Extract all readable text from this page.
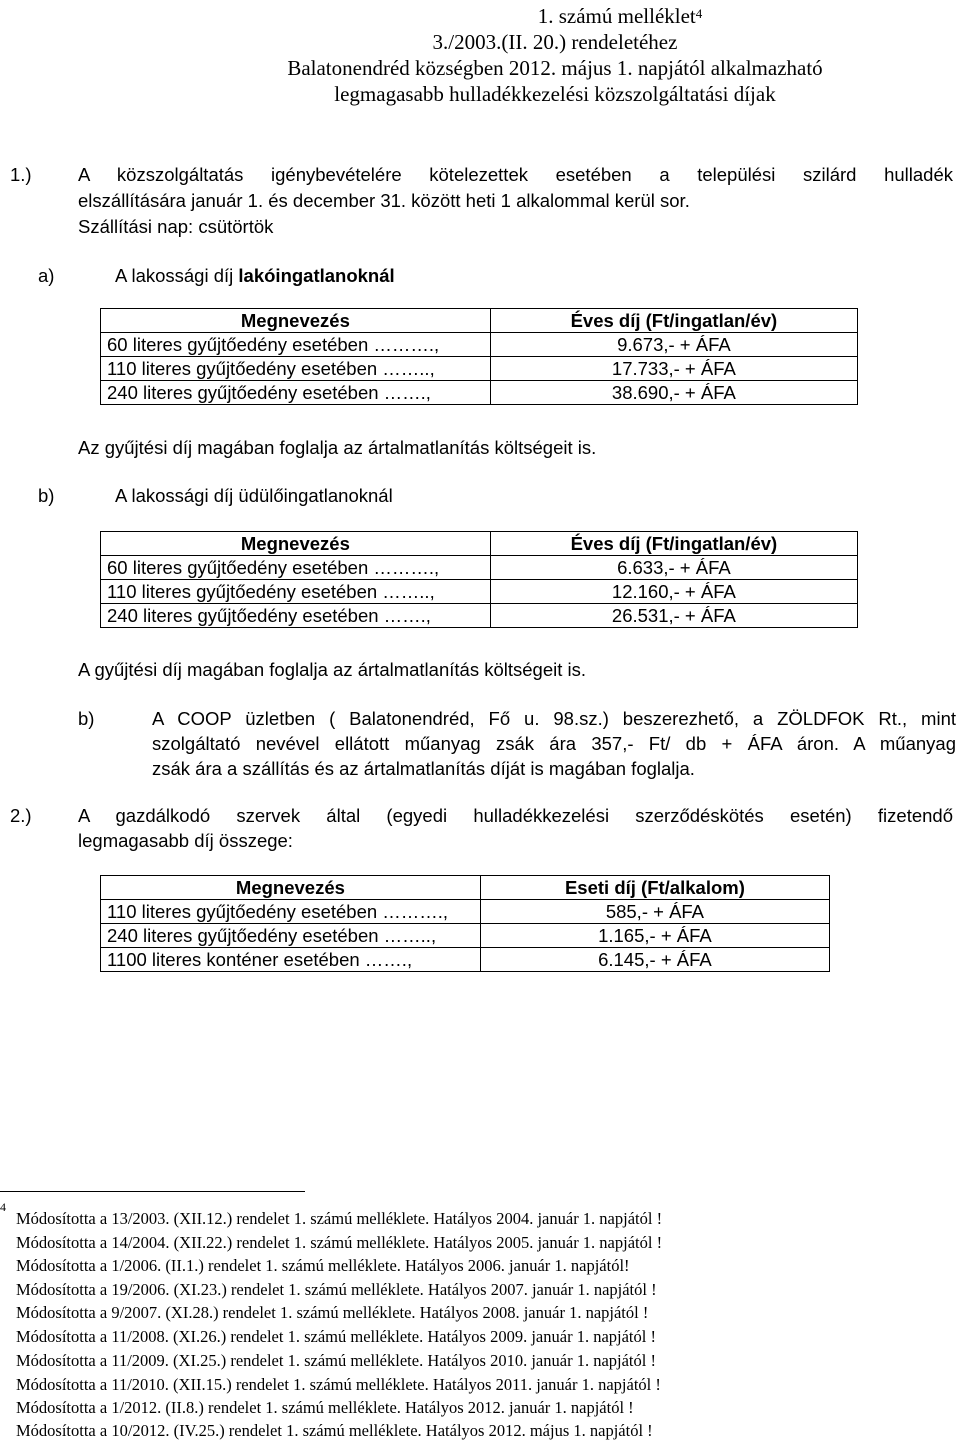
1. számú melléklet$^4$
3./2003.(II. 20.) rendeletéhez
Balatonendréd községben 2012. május 1. napjától alkalmazható
legmagasabb hulladékkezelési közszolgáltatási díjak
1.)	A közszolgáltatás igénybevételére kötelezettek esetében a települési szilárd hulladék
elszállítására január 1. és december 31. között heti 1 alkalommal kerül sor.
Szállítási nap: csütörtök
a)	A lakossági díj lakóingatlanoknál
Megnevezés	Éves díj (Ft/ingatlan/év)
60 literes gyűjtőedény esetében ……….,	9.673,- + ÁFA
110 literes gyűjtőedény esetében ……..,	17.733,- + ÁFA
240 literes gyűjtőedény esetében …….,	38.690,- + ÁFA
Az gyűjtési díj magában foglalja az ártalmatlanítás költségeit is.
b)	A lakossági díj üdülőingatlanoknál
Megnevezés	Éves díj (Ft/ingatlan/év)
60 literes gyűjtőedény esetében ……….,	6.633,- + ÁFA
110 literes gyűjtőedény esetében ……..,	12.160,- + ÁFA
240 literes gyűjtőedény esetében …….,	26.531,- + ÁFA
A gyűjtési díj magában foglalja az ártalmatlanítás költségeit is.
b)	A COOP üzletben ( Balatonendréd, Fő u. 98.sz.) beszerezhető, a ZÖLDFOK Rt., mint
szolgáltató nevével ellátott műanyag zsák ára 357,- Ft/ db + ÁFA áron. A műanyag
zsák ára a szállítás és az ártalmatlanítás díját is magában foglalja.
2.)	A gazdálkodó szervek által (egyedi hulladékkezelési szerződéskötés esetén) fizetendő
legmagasabb díj összege:
Megnevezés	Eseti díj (Ft/alkalom)
110 literes gyűjtőedény esetében ……….,	585,- + ÁFA
240 literes gyűjtőedény esetében ……..,	1.165,- + ÁFA
1100 literes konténer esetében …….,	6.145,- + ÁFA
4
Módosította a 13/2003. (XII.12.) rendelet 1. számú melléklete. Hatályos 2004. január 1. napjától !
Módosította a 14/2004. (XII.22.) rendelet 1. számú melléklete. Hatályos 2005. január 1. napjától !
Módosította a 1/2006. (II.1.) rendelet 1. számú melléklete. Hatályos 2006. január 1. napjától!
Módosította a 19/2006. (XI.23.) rendelet 1. számú melléklete. Hatályos 2007. január 1. napjától !
Módosította a 9/2007. (XI.28.) rendelet 1. számú melléklete. Hatályos 2008. január 1. napjától !
Módosította a 11/2008. (XI.26.) rendelet 1. számú melléklete. Hatályos 2009. január 1. napjától !
Módosította a 11/2009. (XI.25.) rendelet 1. számú melléklete. Hatályos 2010. január 1. napjától !
Módosította a 11/2010. (XII.15.) rendelet 1. számú melléklete. Hatályos 2011. január 1. napjától !
Módosította a 1/2012. (II.8.) rendelet 1. számú melléklete. Hatályos 2012. január 1. napjától !
Módosította a 10/2012. (IV.25.) rendelet 1. számú melléklete. Hatályos 2012. május 1. napjától !
